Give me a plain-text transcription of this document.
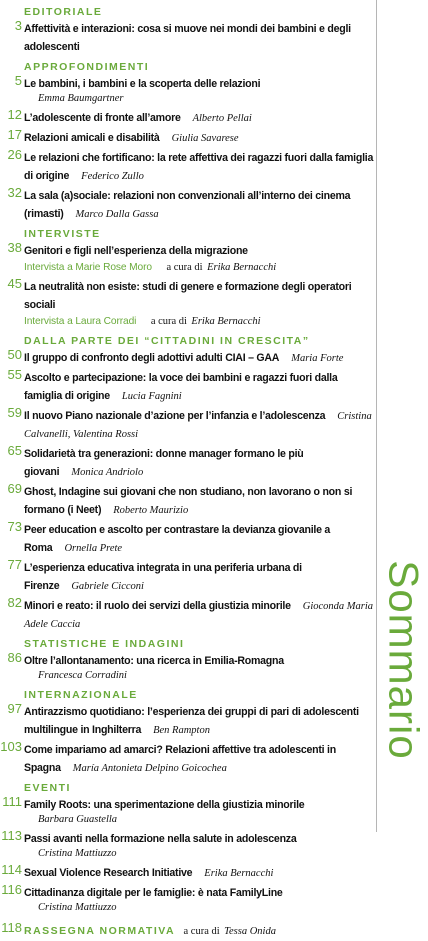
EDITORIALE
3 Affettività e interazioni: cosa si muove nei mondi dei bambini e degli adolescenti
APPROFONDIMENTI
5 Le bambini, i bambini e la scoperta delle relazioni
Emma Baumgartner
12 L’adolescente di fronte all’amore Alberto Pellai
17 Relazioni amicali e disabilità Giulia Savarese
26 Le relazioni che fortificano: la rete affettiva dei ragazzi fuori dalla famiglia di origine Federico Zullo
32 La sala (a)sociale: relazioni non convenzionali all’interno dei cinema (rimasti) Marco Dalla Gassa
INTERVISTE
38 Genitori e figli nell’esperienza della migrazione
Intervista a Marie Rose Moro a cura di Erika Bernacchi
45 La neutralità non esiste: studi di genere e formazione degli operatori sociali
Intervista a Laura Corradi a cura di Erika Bernacchi
DALLA PARTE DEI “CITTADINI IN CRESCITA”
50 Il gruppo di confronto degli adottivi adulti CIAI – GAA Maria Forte
55 Ascolto e partecipazione: la voce dei bambini e ragazzi fuori dalla famiglia di origine Lucia Fagnini
59 Il nuovo Piano nazionale d’azione per l’infanzia e l’adolescenza Cristina Calvanelli, Valentina Rossi
65 Solidarietà tra generazioni: donne manager formano le più giovani Monica Andriolo
69 Ghost, Indagine sui giovani che non studiano, non lavorano o non si formano (i Neet) Roberto Maurizio
73 Peer education e ascolto per contrastare la devianza giovanile a Roma Ornella Prete
77 L’esperienza educativa integrata in una periferia urbana di Firenze Gabriele Cicconi
82 Minori e reato: il ruolo dei servizi della giustizia minorile Gioconda Maria Adele Caccia
STATISTICHE E INDAGINI
86 Oltre l’allontanamento: una ricerca in Emilia-Romagna
Francesca Corradini
INTERNAZIONALE
97 Antirazzismo quotidiano: l’esperienza dei gruppi di pari di adolescenti multilingue in Inghilterra Ben Rampton
103 Come impariamo ad amarci? Relazioni affettive tra adolescenti in Spagna María Antonieta Delpino Goicochea
EVENTI
111 Family Roots: una sperimentazione della giustizia minorile
Barbara Guastella
113 Passi avanti nella formazione nella salute in adolescenza
Cristina Mattiuzzo
114 Sexual Violence Research Initiative Erika Bernacchi
116 Cittadinanza digitale per le famiglie: è nata FamilyLine
Cristina Mattiuzzo
118 RASSEGNA NORMATIVA a cura di Tessa Onida
Sommario
